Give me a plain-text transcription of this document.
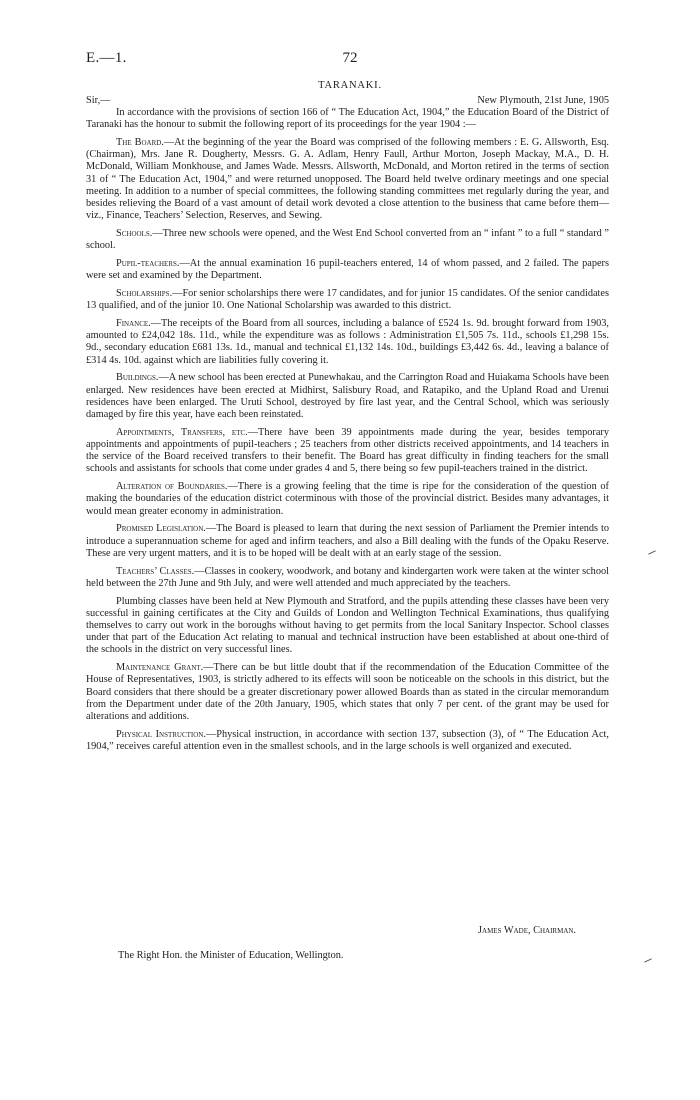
E.—1.	72
TARANAKI.
Sir,—	New Plymouth, 21st June, 1905

In accordance with the provisions of section 166 of “ The Education Act, 1904,” the Education Board of the District of Taranaki has the honour to submit the following report of its proceedings for the year 1904 :—

The Board.—At the beginning of the year the Board was comprised of the following members : E. G. Allsworth, Esq. (Chairman), Mrs. Jane R. Dougherty, Messrs. G. A. Adlam, Henry Faull, Arthur Morton, Joseph Mackay, M.A., D. H. McDonald, William Monkhouse, and James Wade. Messrs. Allsworth, McDonald, and Morton retired in the terms of section 31 of “ The Education Act, 1904,” and were returned unopposed. The Board held twelve ordinary meetings and one special meeting. In addition to a number of special committees, the following standing committees met regularly during the year, and besides relieving the Board of a vast amount of detail work devoted a close attention to the business that came before them—viz., Finance, Teachers’ Selection, Reserves, and Sewing.

Schools.—Three new schools were opened, and the West End School converted from an “ infant ” to a full “ standard ” school.

Pupil-teachers.—At the annual examination 16 pupil-teachers entered, 14 of whom passed, and 2 failed. The papers were set and examined by the Department.

Scholarships.—For senior scholarships there were 17 candidates, and for junior 15 candidates. Of the senior candidates 13 qualified, and of the junior 10. One National Scholarship was awarded to this district.

Finance.—The receipts of the Board from all sources, including a balance of £524 1s. 9d. brought forward from 1903, amounted to £24,042 18s. 11d., while the expenditure was as follows : Administration £1,505 7s. 11d., schools £1,298 15s. 9d., secondary education £681 13s. 1d., manual and technical £1,132 14s. 10d., buildings £3,442 6s. 4d., leaving a balance of £314 4s. 10d. against which are liabilities fully covering it.

Buildings.—A new school has been erected at Punewhakau, and the Carrington Road and Huiakama Schools have been enlarged. New residences have been erected at Midhirst, Salisbury Road, and Ratapiko, and the Upland Road and Urenui residences have been enlarged. The Uruti School, destroyed by fire last year, and the Central School, which was seriously damaged by fire this year, have each been reinstated.

Appointments, Transfers, etc.—There have been 39 appointments made during the year, besides temporary appointments and appointments of pupil-teachers ; 25 teachers from other districts received appointments, and 14 teachers in the service of the Board received transfers to their benefit. The Board has great difficulty in finding teachers for the small schools and assistants for schools that come under grades 4 and 5, there being so few pupil-teachers trained in the district.

Alteration of Boundaries.—There is a growing feeling that the time is ripe for the consideration of the question of making the boundaries of the education district coterminous with those of the provincial district. Besides many advantages, it would mean greater economy in administration.

Promised Legislation.—The Board is pleased to learn that during the next session of Parliament the Premier intends to introduce a superannuation scheme for aged and infirm teachers, and also a Bill dealing with the funds of the Opaku Reserve. These are very urgent matters, and it is to be hoped will be dealt with at an early stage of the session.

Teachers’ Classes.—Classes in cookery, woodwork, and botany and kindergarten work were taken at the winter school held between the 27th June and 9th July, and were well attended and much appreciated by the teachers.

Plumbing classes have been held at New Plymouth and Stratford, and the pupils attending these classes have been very successful in gaining certificates at the City and Guilds of London and Wellington Technical Examinations, thus qualifying themselves to carry out work in the boroughs without having to get permits from the local Sanitary Inspector. School classes under that part of the Education Act relating to manual and technical instruction have been established at about one-third of the schools in the district on very successful lines.

Maintenance Grant.—There can be but little doubt that if the recommendation of the Education Committee of the House of Representatives, 1903, is strictly adhered to its effects will soon be noticeable on the schools in this district, but the Board considers that there should be a greater discretionary power allowed Boards than as stated in the circular memorandum from the Department under date of the 20th January, 1905, which states that only 7 per cent. of the grant may be used for alterations and additions.

Physical Instruction.—Physical instruction, in accordance with section 137, subsection (3), of “ The Education Act, 1904,” receives careful attention even in the smallest schools, and in the large schools is well organized and executed.

James Wade, Chairman.
The Right Hon. the Minister of Education, Wellington.
